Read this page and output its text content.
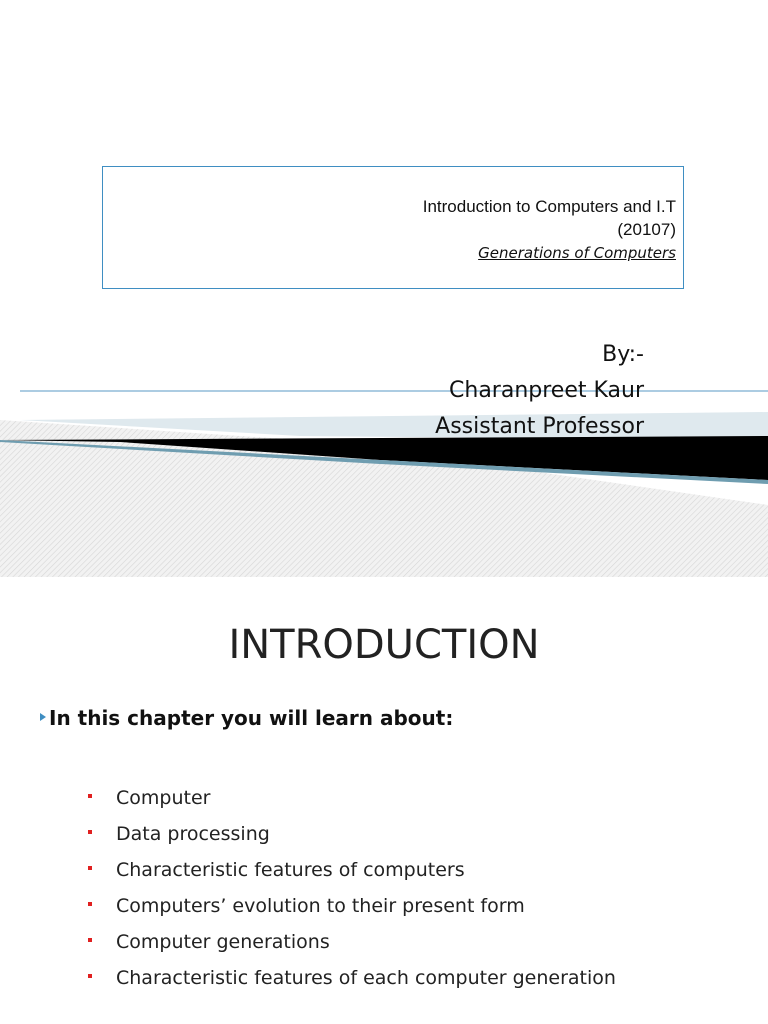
Introduction to Computers and I.T
(20107)
Generations of Computers
By:-
Charanpreet Kaur
Assistant Professor
INTRODUCTION
In this chapter you will learn about:
Computer
Data processing
Characteristic features of computers
Computers’ evolution to their present form
Computer generations
Characteristic features of each computer generation
